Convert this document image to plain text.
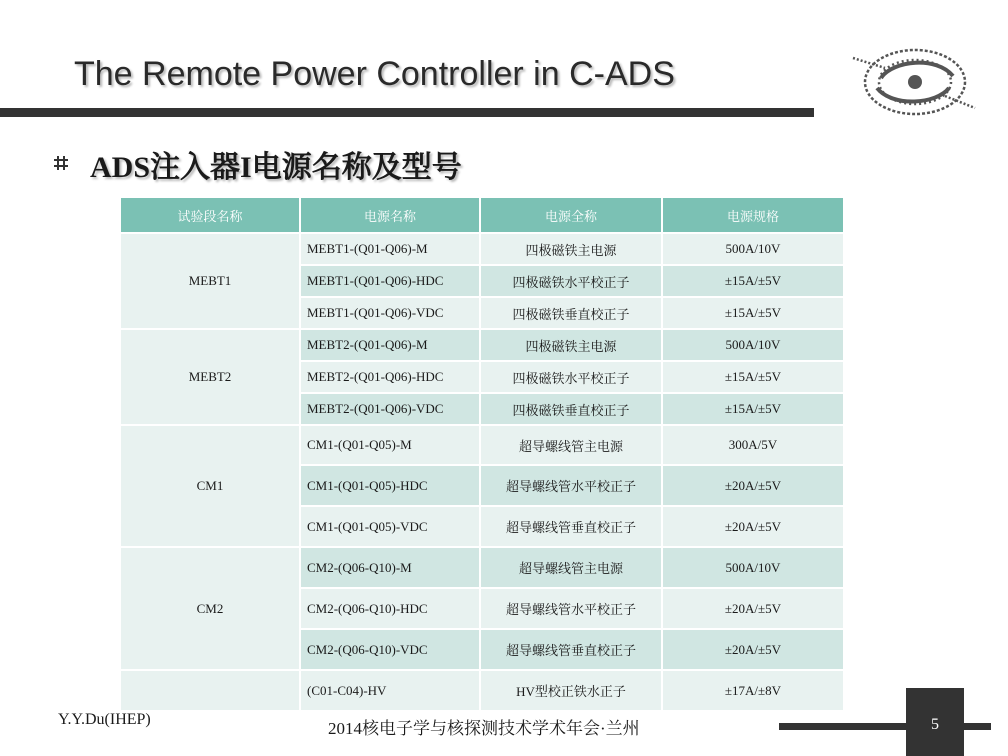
The Remote Power Controller in C-ADS
ADS注入器I电源名称及型号
试验段名称	电源名称	电源全称	电源规格
MEBT1	MEBT1-(Q01-Q06)-M	四极磁铁主电源	500A/10V
	MEBT1-(Q01-Q06)-HDC	四极磁铁水平校正子	±15A/±5V
	MEBT1-(Q01-Q06)-VDC	四极磁铁垂直校正子	±15A/±5V
MEBT2	MEBT2-(Q01-Q06)-M	四极磁铁主电源	500A/10V
	MEBT2-(Q01-Q06)-HDC	四极磁铁水平校正子	±15A/±5V
	MEBT2-(Q01-Q06)-VDC	四极磁铁垂直校正子	±15A/±5V
CM1	CM1-(Q01-Q05)-M	超导螺线管主电源	300A/5V
	CM1-(Q01-Q05)-HDC	超导螺线管水平校正子	±20A/±5V
	CM1-(Q01-Q05)-VDC	超导螺线管垂直校正子	±20A/±5V
CM2	CM2-(Q06-Q10)-M	超导螺线管主电源	500A/10V
	CM2-(Q06-Q10)-HDC	超导螺线管水平校正子	±20A/±5V
	CM2-(Q06-Q10)-VDC	超导螺线管垂直校正子	±20A/±5V
	(C01-C04)-HV	HV型校正铁水正子	±17A/±8V
Y.Y.Du(IHEP)	2014核电子学与核探测技术学术年会·兰州	5
